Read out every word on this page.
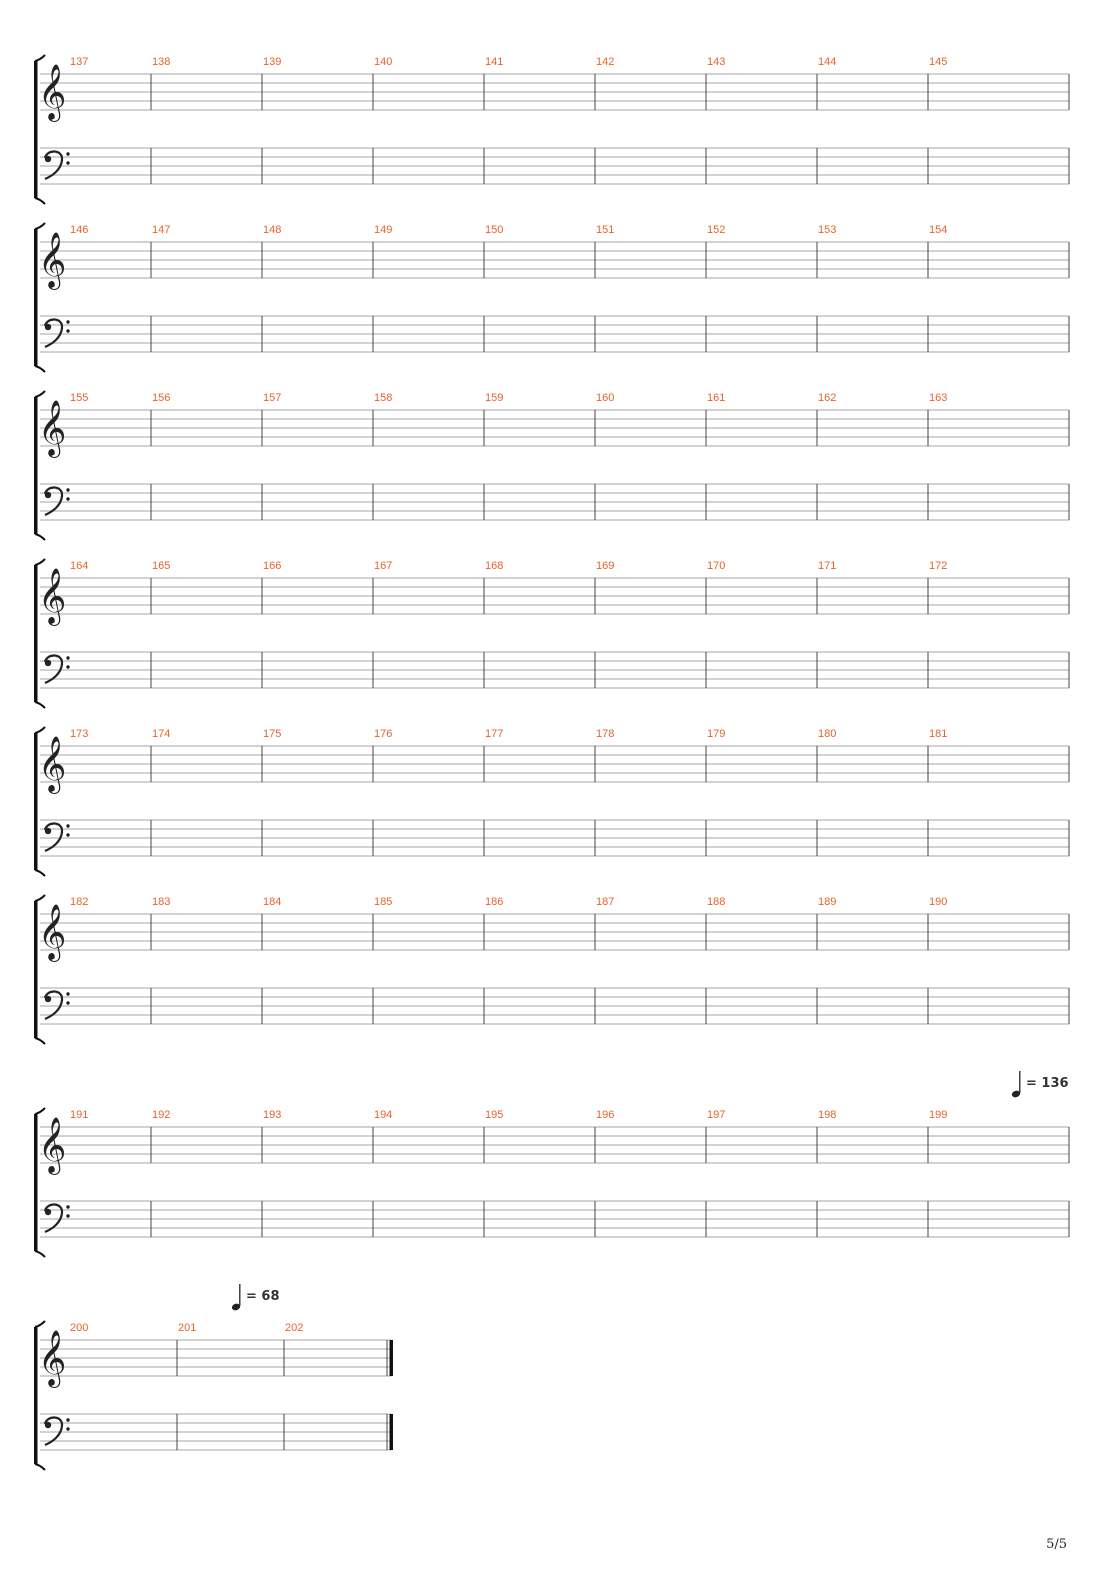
𝄞
137	138	139	140	141	142	143	144	145
𝄞
146	147	148	149	150	151	152	153	154
𝄞
155	156	157	158	159	160	161	162	163
𝄞
164	165	166	167	168	169	170	171	172
𝄞
173	174	175	176	177	178	179	180	181
𝄞
182	183	184	185	186	187	188	189	190
𝄞
191	192	193	194	195	196	197	198	199
= 136
𝄞
200	201	202
= 68
5/5
